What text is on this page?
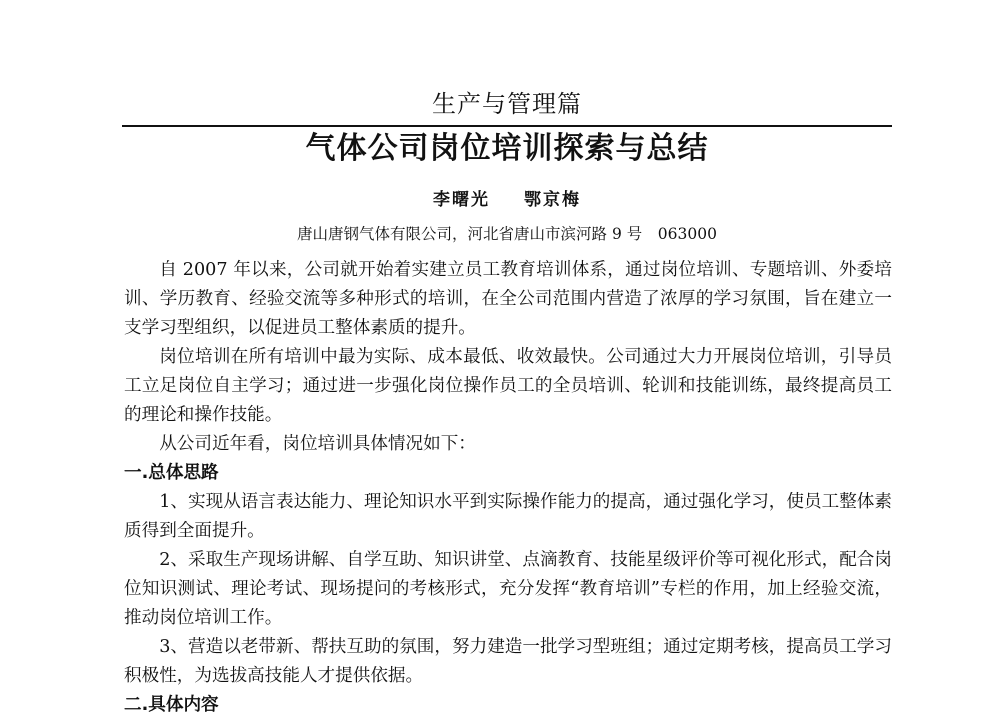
生产与管理篇
气体公司岗位培训探索与总结
李曙光 鄂京梅
唐山唐钢气体有限公司，河北省唐山市滨河路 9 号　063000

自 2007 年以来，公司就开始着实建立员工教育培训体系，通过岗位培训、专题培训、外委培训、学历教育、经验交流等多种形式的培训，在全公司范围内营造了浓厚的学习氛围，旨在建立一支学习型组织，以促进员工整体素质的提升。

岗位培训在所有培训中最为实际、成本最低、收效最快。公司通过大力开展岗位培训，引导员工立足岗位自主学习；通过进一步强化岗位操作员工的全员培训、轮训和技能训练，最终提高员工的理论和操作技能。

从公司近年看，岗位培训具体情况如下：

一.总体思路

1、实现从语言表达能力、理论知识水平到实际操作能力的提高，通过强化学习，使员工整体素质得到全面提升。

2、采取生产现场讲解、自学互助、知识讲堂、点滴教育、技能星级评价等可视化形式，配合岗位知识测试、理论考试、现场提问的考核形式，充分发挥“教育培训”专栏的作用，加上经验交流，推动岗位培训工作。

3、营造以老带新、帮扶互助的氛围，努力建造一批学习型班组；通过定期考核，提高员工学习积极性，为选拔高技能人才提供依据。

二.具体内容
